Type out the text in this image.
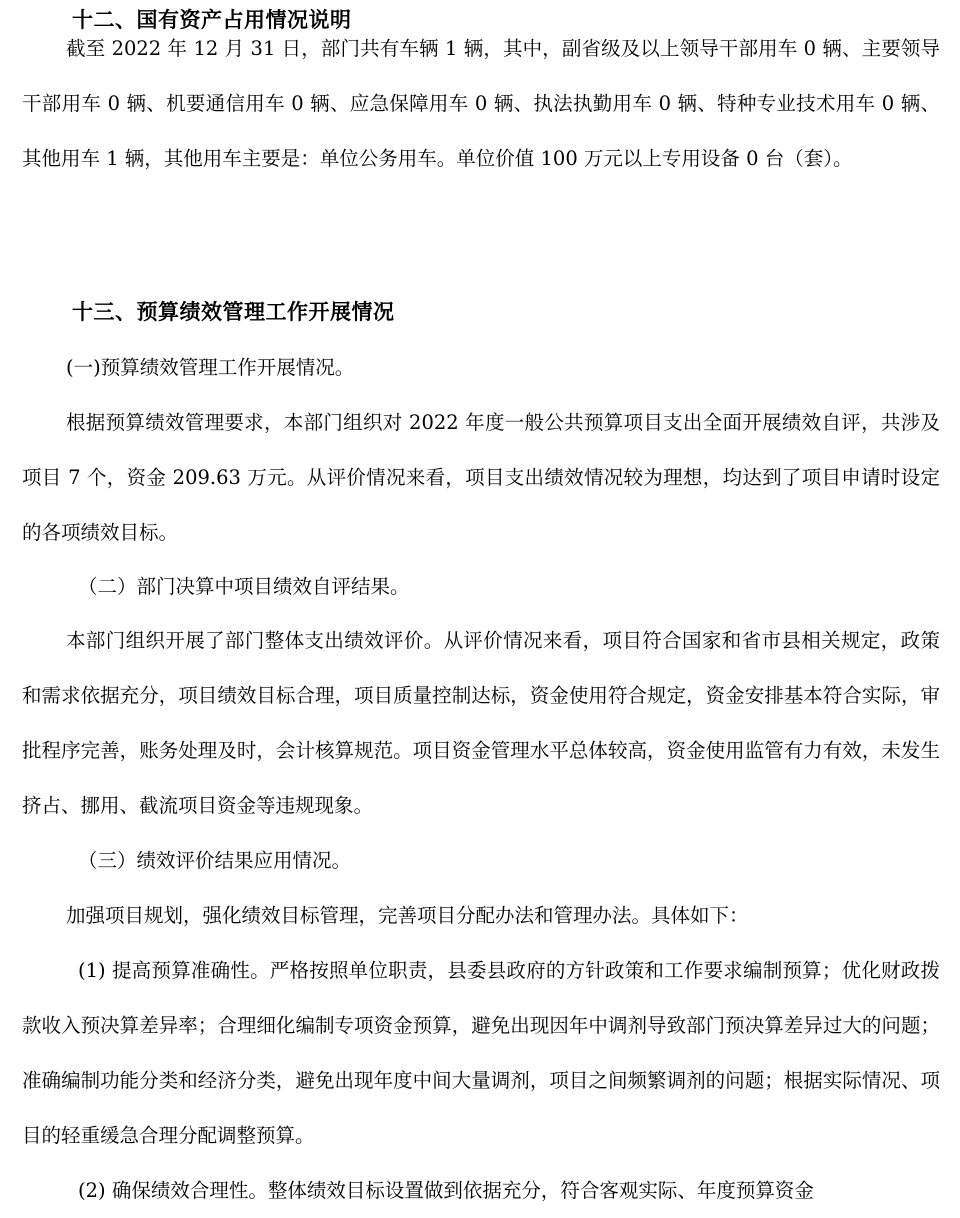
十二、国有资产占用情况说明

截至 2022 年 12 月 31 日，部门共有车辆 1 辆，其中，副省级及以上领导干部用车 0 辆、主要领导干部用车 0 辆、机要通信用车 0 辆、应急保障用车 0 辆、执法执勤用车 0 辆、特种专业技术用车 0 辆、其他用车 1 辆，其他用车主要是：单位公务用车。单位价值 100 万元以上专用设备 0 台（套）。

十三、预算绩效管理工作开展情况

(一)预算绩效管理工作开展情况。

根据预算绩效管理要求，本部门组织对 2022 年度一般公共预算项目支出全面开展绩效自评，共涉及项目 7 个，资金 209.63 万元。从评价情况来看，项目支出绩效情况较为理想，均达到了项目申请时设定的各项绩效目标。

（二）部门决算中项目绩效自评结果。

本部门组织开展了部门整体支出绩效评价。从评价情况来看，项目符合国家和省市县相关规定，政策和需求依据充分，项目绩效目标合理，项目质量控制达标，资金使用符合规定，资金安排基本符合实际，审批程序完善，账务处理及时，会计核算规范。项目资金管理水平总体较高，资金使用监管有力有效，未发生挤占、挪用、截流项目资金等违规现象。

（三）绩效评价结果应用情况。

加强项目规划，强化绩效目标管理，完善项目分配办法和管理办法。具体如下：

(1) 提高预算准确性。严格按照单位职责，县委县政府的方针政策和工作要求编制预算；优化财政拨款收入预决算差异率；合理细化编制专项资金预算，避免出现因年中调剂导致部门预决算差异过大的问题；准确编制功能分类和经济分类，避免出现年度中间大量调剂，项目之间频繁调剂的问题；根据实际情况、项目的轻重缓急合理分配调整预算。

(2) 确保绩效合理性。整体绩效目标设置做到依据充分，符合客观实际、年度预算资金
